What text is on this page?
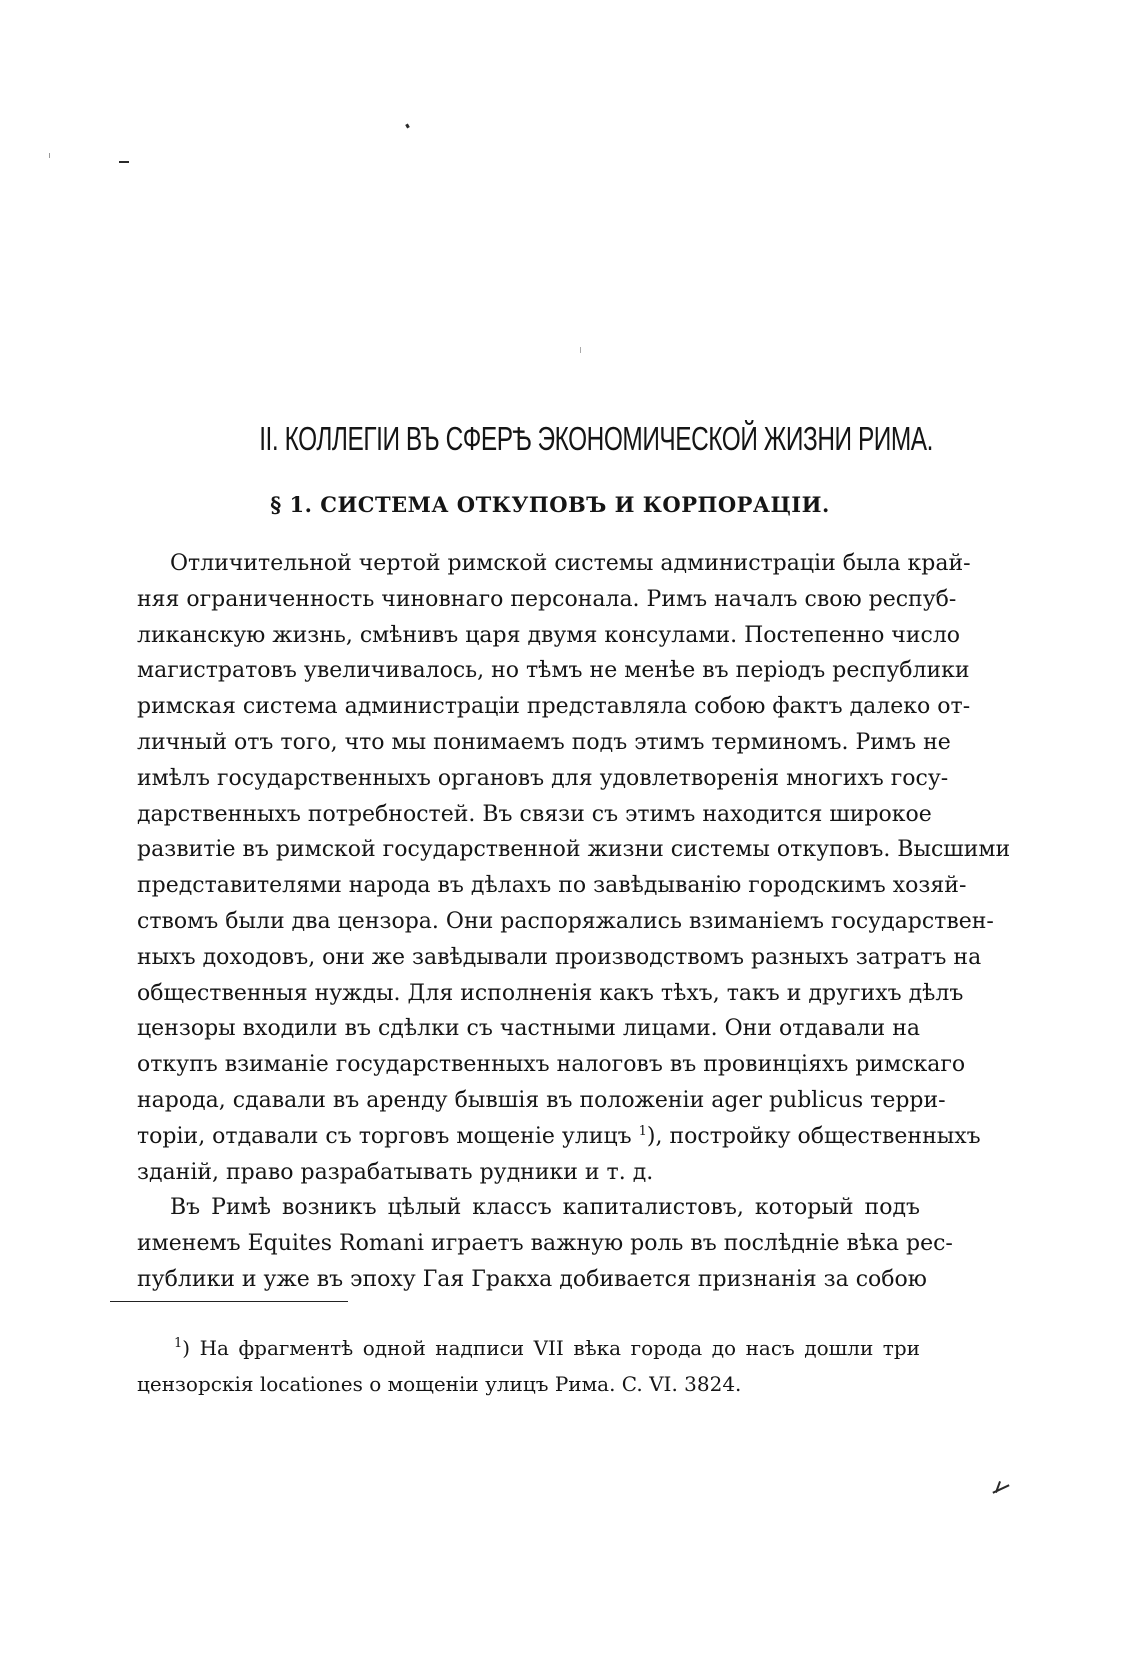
II. КОЛЛЕГIИ ВЪ СФЕРѢ ЭКОНОМИЧЕСКОЙ ЖИЗНИ РИМА.
§ 1. СИСТЕМА ОТКУПОВЪ И КОРПОРАЦIИ.
Отличительной чертой римской системы администрацiи была край-
няя ограниченность чиновнаго персонала. Римъ началъ свою респуб-
ликанскую жизнь, смѣнивъ царя двумя консулами. Постепенно число
магистратовъ увеличивалось, но тѣмъ не менѣе въ перiодъ республики
римская система администрацiи представляла собою фактъ далеко от-
личный отъ того, что мы понимаемъ подъ этимъ терминомъ. Римъ не
имѣлъ государственныхъ органовъ для удовлетворенiя многихъ госу-
дарственныхъ потребностей. Въ связи съ этимъ находится широкое
развитiе въ римской государственной жизни системы откуповъ. Высшими
представителями народа въ дѣлахъ по завѣдыванiю городскимъ хозяй-
ствомъ были два цензора. Они распоряжались взиманiемъ государствен-
ныхъ доходовъ, они же завѣдывали производствомъ разныхъ затратъ на
общественныя нужды. Для исполненiя какъ тѣхъ, такъ и другихъ дѣлъ
цензоры входили въ сдѣлки съ частными лицами. Они отдавали на
откупъ взиманiе государственныхъ налоговъ въ провинцiяхъ римскаго
народа, сдавали въ аренду бывшiя въ положенiи ager publicus терри-
торiи, отдавали съ торговъ мощенiе улицъ $^1$), постройку общественныхъ
зданiй, право разрабатывать рудники и т. д.
Въ Римѣ возникъ цѣлый классъ капиталистовъ, который подъ
именемъ Equites Romani играетъ важную роль въ послѣднiе вѣка рес-
публики и уже въ эпоху Гая Гракха добивается признанiя за собою
$^1$) На фрагментѣ одной надписи VII вѣка города до насъ дошли три
цензорскiя locationes о мощенiи улицъ Рима. C. VI. 3824.
